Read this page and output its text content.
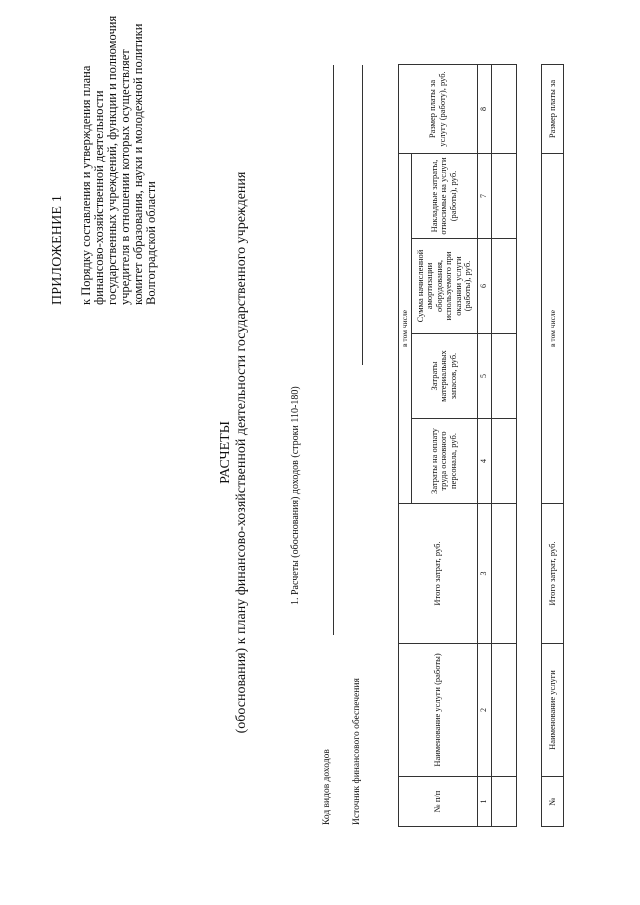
ПРИЛОЖЕНИЕ 1 к Порядку составления и утверждения плана финансово-хозяйственной деятельности государственных учреждений, функции и полномочия учредителя в отношении которых осуществляет комитет образования, науки и молодежной политики Волгоградской области
РАСЧЕТЫ (обоснования) к плану финансово-хозяйственной деятельности государственного учреждения	1. Расчеты (обоснования) доходов (строки 110-180)
Код видов доходов Источник финансового обеспечения	№ п/п	Наименование услуги (работы)	Итого затрат, руб.	в том числе				Размер платы за услугу (работу), руб.
			Затраты на оплату труда основного персонала, руб.	Затраты материальных запасов, руб.	Сумма начисленной амортизации оборудования, используемого при оказании услуги (работы), руб.	Накладные затраты, относимые на услуги (работы), руб.	
1	2	3	4	5	6	7	8

№	Наименование услуги	Итого затрат, руб.	в том числе	Размер платы за
